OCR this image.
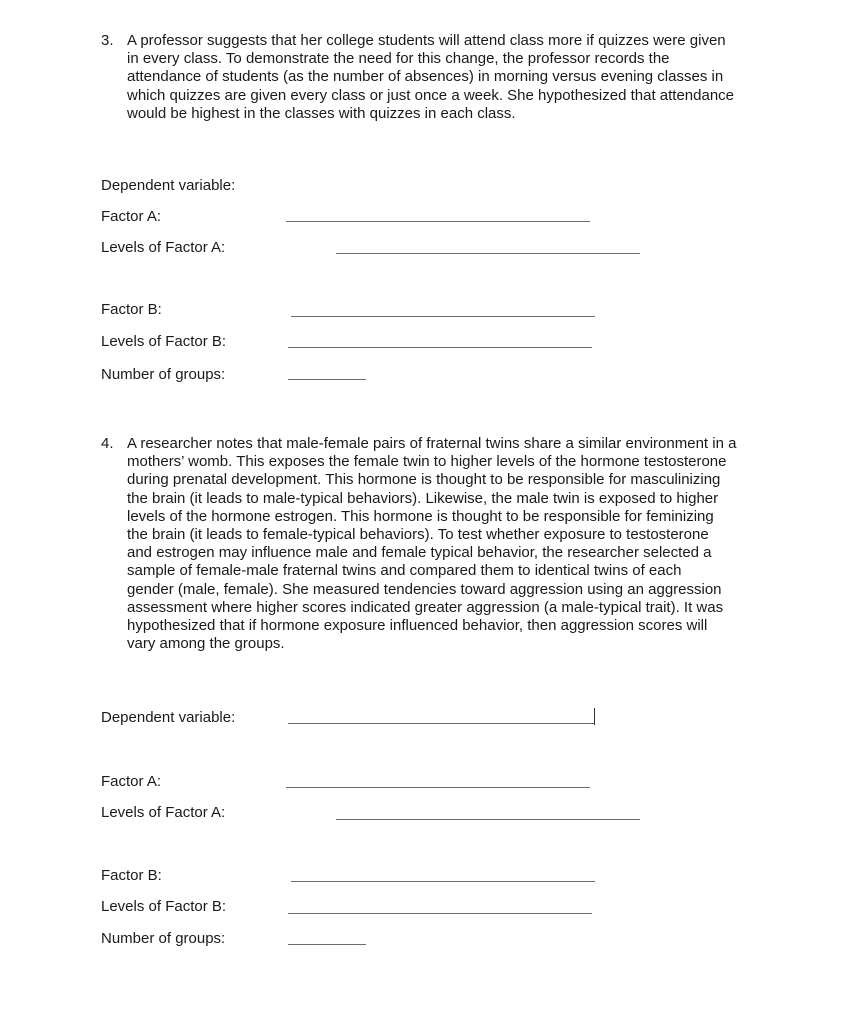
3. A professor suggests that her college students will attend class more if quizzes were given
in every class. To demonstrate the need for this change, the professor records the
attendance of students (as the number of absences) in morning versus evening classes in
which quizzes are given every class or just once a week. She hypothesized that attendance
would be highest in the classes with quizzes in each class.
Dependent variable:
Factor A:
Levels of Factor A:
Factor B:
Levels of Factor B:
Number of groups:
4. A researcher notes that male-female pairs of fraternal twins share a similar environment in a
mothers’ womb. This exposes the female twin to higher levels of the hormone testosterone
during prenatal development. This hormone is thought to be responsible for masculinizing
the brain (it leads to male-typical behaviors). Likewise, the male twin is exposed to higher
levels of the hormone estrogen. This hormone is thought to be responsible for feminizing
the brain (it leads to female-typical behaviors). To test whether exposure to testosterone
and estrogen may influence male and female typical behavior, the researcher selected a
sample of female-male fraternal twins and compared them to identical twins of each
gender (male, female). She measured tendencies toward aggression using an aggression
assessment where higher scores indicated greater aggression (a male-typical trait). It was
hypothesized that if hormone exposure influenced behavior, then aggression scores will
vary among the groups.
Dependent variable:
Factor A:
Levels of Factor A:
Factor B:
Levels of Factor B:
Number of groups:
